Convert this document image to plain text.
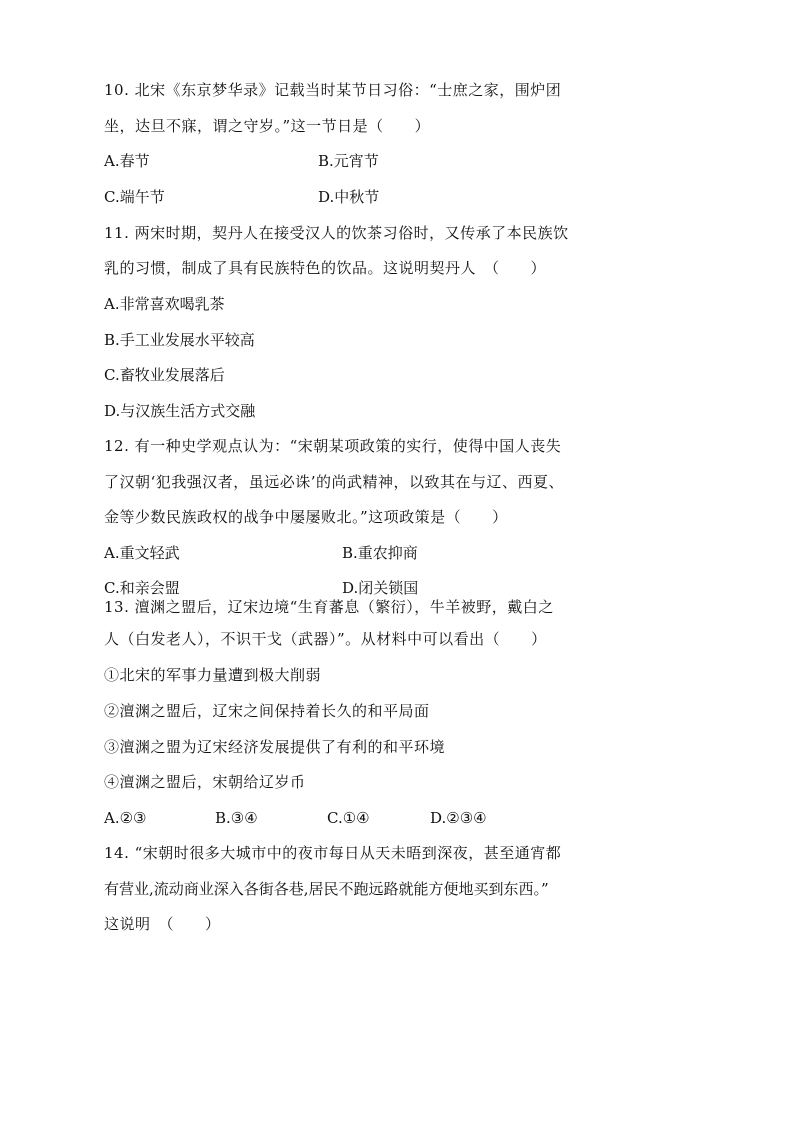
10. 北宋《东京梦华录》记载当时某节日习俗：“士庶之家，围炉团
坐，达旦不寐，谓之守岁。”这一节日是（　　）
A.春节	B.元宵节
C.端午节	D.中秋节
11. 两宋时期，契丹人在接受汉人的饮茶习俗时，又传承了本民族饮
乳的习惯，制成了具有民族特色的饮品。这说明契丹人　（　　）
A.非常喜欢喝乳茶
B.手工业发展水平较高
C.畜牧业发展落后
D.与汉族生活方式交融
12. 有一种史学观点认为：“宋朝某项政策的实行，使得中国人丧失
了汉朝‘犯我强汉者，虽远必诛’的尚武精神，以致其在与辽、西夏、
金等少数民族政权的战争中屡屡败北。”这项政策是（　　）
A.重文轻武	B.重农抑商
C.和亲会盟	D.闭关锁国
13. 澶渊之盟后，辽宋边境“生育蕃息（繁衍），牛羊被野，戴白之
人（白发老人），不识干戈（武器）”。从材料中可以看出（　　）
①北宋的军事力量遭到极大削弱
②澶渊之盟后，辽宋之间保持着长久的和平局面
③澶渊之盟为辽宋经济发展提供了有利的和平环境
④澶渊之盟后，宋朝给辽岁币
A.②③	B.③④	C.①④	D.②③④
14. “宋朝时很多大城市中的夜市每日从天未晤到深夜，甚至通宵都
有营业,流动商业深入各街各巷,居民不跑远路就能方便地买到东西。”
这说明　（　　）
